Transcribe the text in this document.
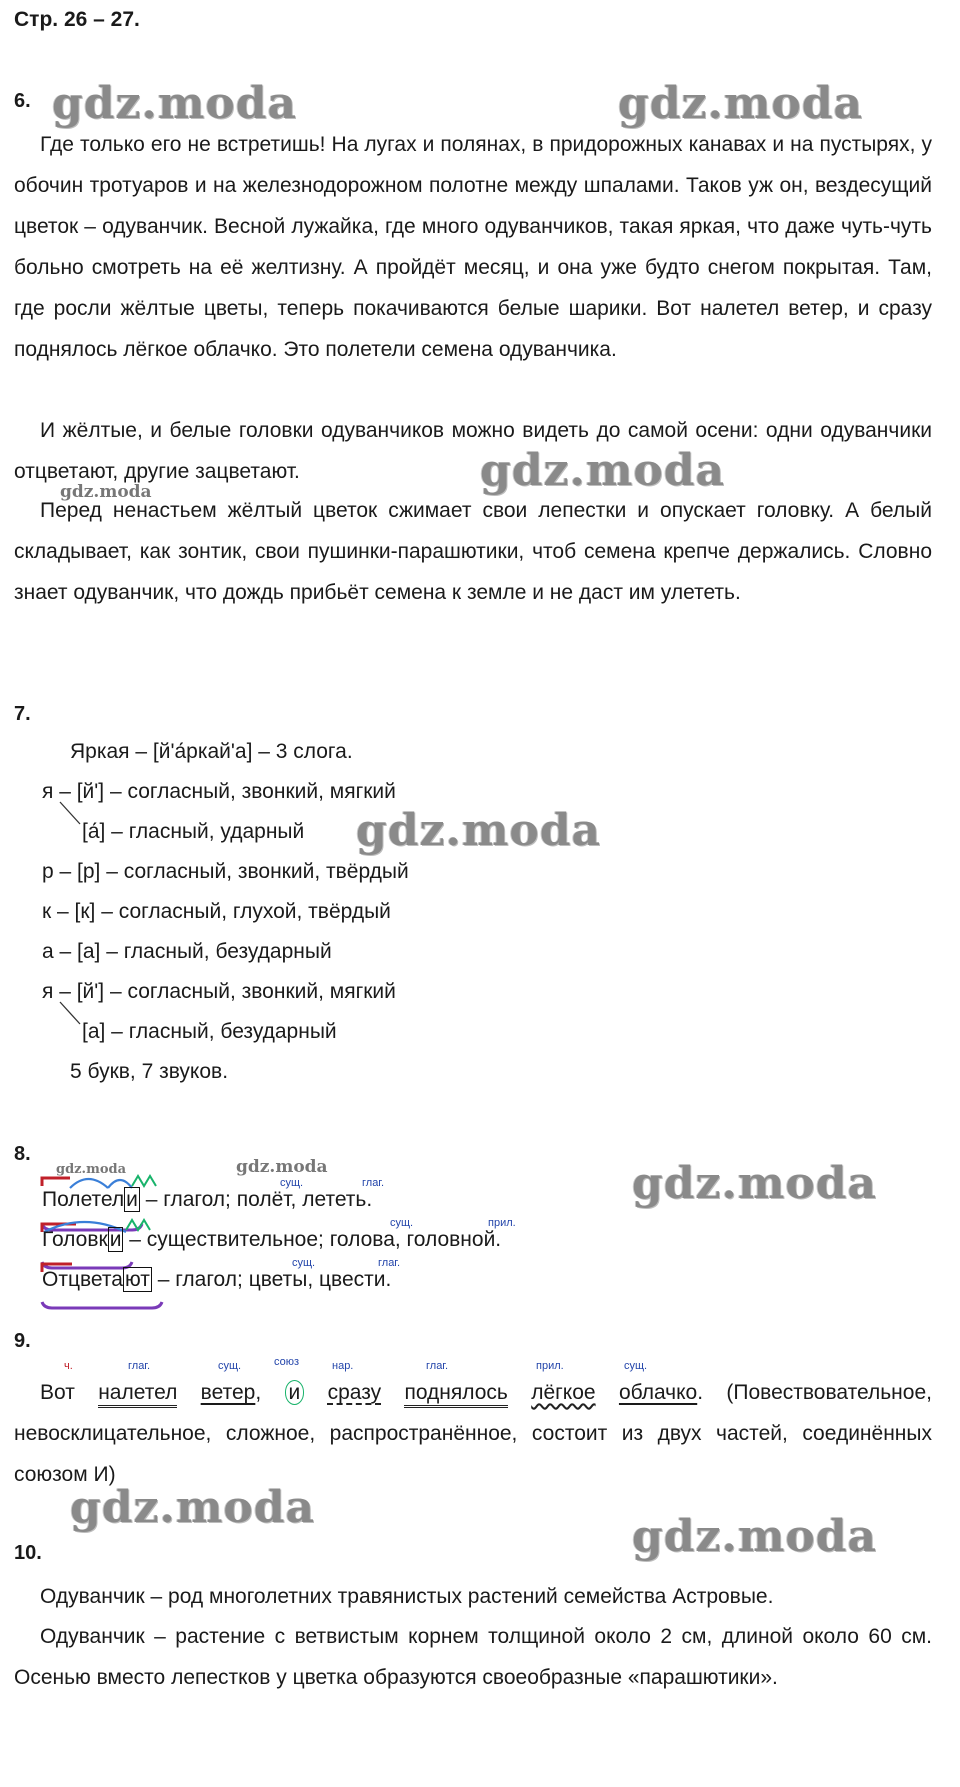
Стр. 26 – 27.
gdz.moda	gdz.moda
gdz.moda
gdz.moda
gdz.moda
gdz.moda
gdz.moda	gdz.moda
gdz.moda
gdz.moda
6.
Где только его не встретишь! На лугах и полянах, в придорожных канавах и на пустырях, у обочин тротуаров и на железнодорожном полотне между шпалами. Таков уж он, вездесущий цветок – одуванчик. Весной лужайка, где много одуванчиков, такая яркая, что даже чуть-чуть больно смотреть на её желтизну. А пройдёт месяц, и она уже будто снегом покрытая. Там, где росли жёлтые цветы, теперь покачиваются белые шарики. Вот налетел ветер, и сразу поднялось лёгкое облачко. Это полетели семена одуванчика.
И жёлтые, и белые головки одуванчиков можно видеть до самой осени: одни одуванчики отцветают, другие зацветают.
Перед ненастьем жёлтый цветок сжимает свои лепестки и опускает головку. А белый складывает, как зонтик, свои пушинки-парашютики, чтоб семена крепче держались. Словно знает одуванчик, что дождь прибьёт семена к земле и не даст им улететь.
7.
Яркая – [й'а́ркай'а] – 3 слога.
я – [й'] – согласный, звонкий, мягкий
[а́] – гласный, ударный
р – [р] – согласный, звонкий, твёрдый
к – [к] – согласный, глухой, твёрдый
а – [а] – гласный, безударный
я – [й'] – согласный, звонкий, мягкий
[а] – гласный, безударный
5 букв, 7 звуков.
8.
Полетели – глагол; полёт, лететь.
сущ.	глаг.
Головки – существительное; голова, головной.
сущ.	прил.
Отцветают – глагол; цветы, цвести.
сущ.	глаг.
9.
ч.	глаг.	сущ.	союз	нар.	глаг.	прил.	сущ.
Вот налетел ветер, и сразу поднялось лёгкое облачко. (Повествовательное, невосклицательное, сложное, распространённое, состоит из двух частей, соединённых союзом И)
10.
Одуванчик – род многолетних травянистых растений семейства Астровые.
Одуванчик – растение с ветвистым корнем толщиной около 2 см, длиной около 60 см. Осенью вместо лепестков у цветка образуются своеобразные «парашютики».
